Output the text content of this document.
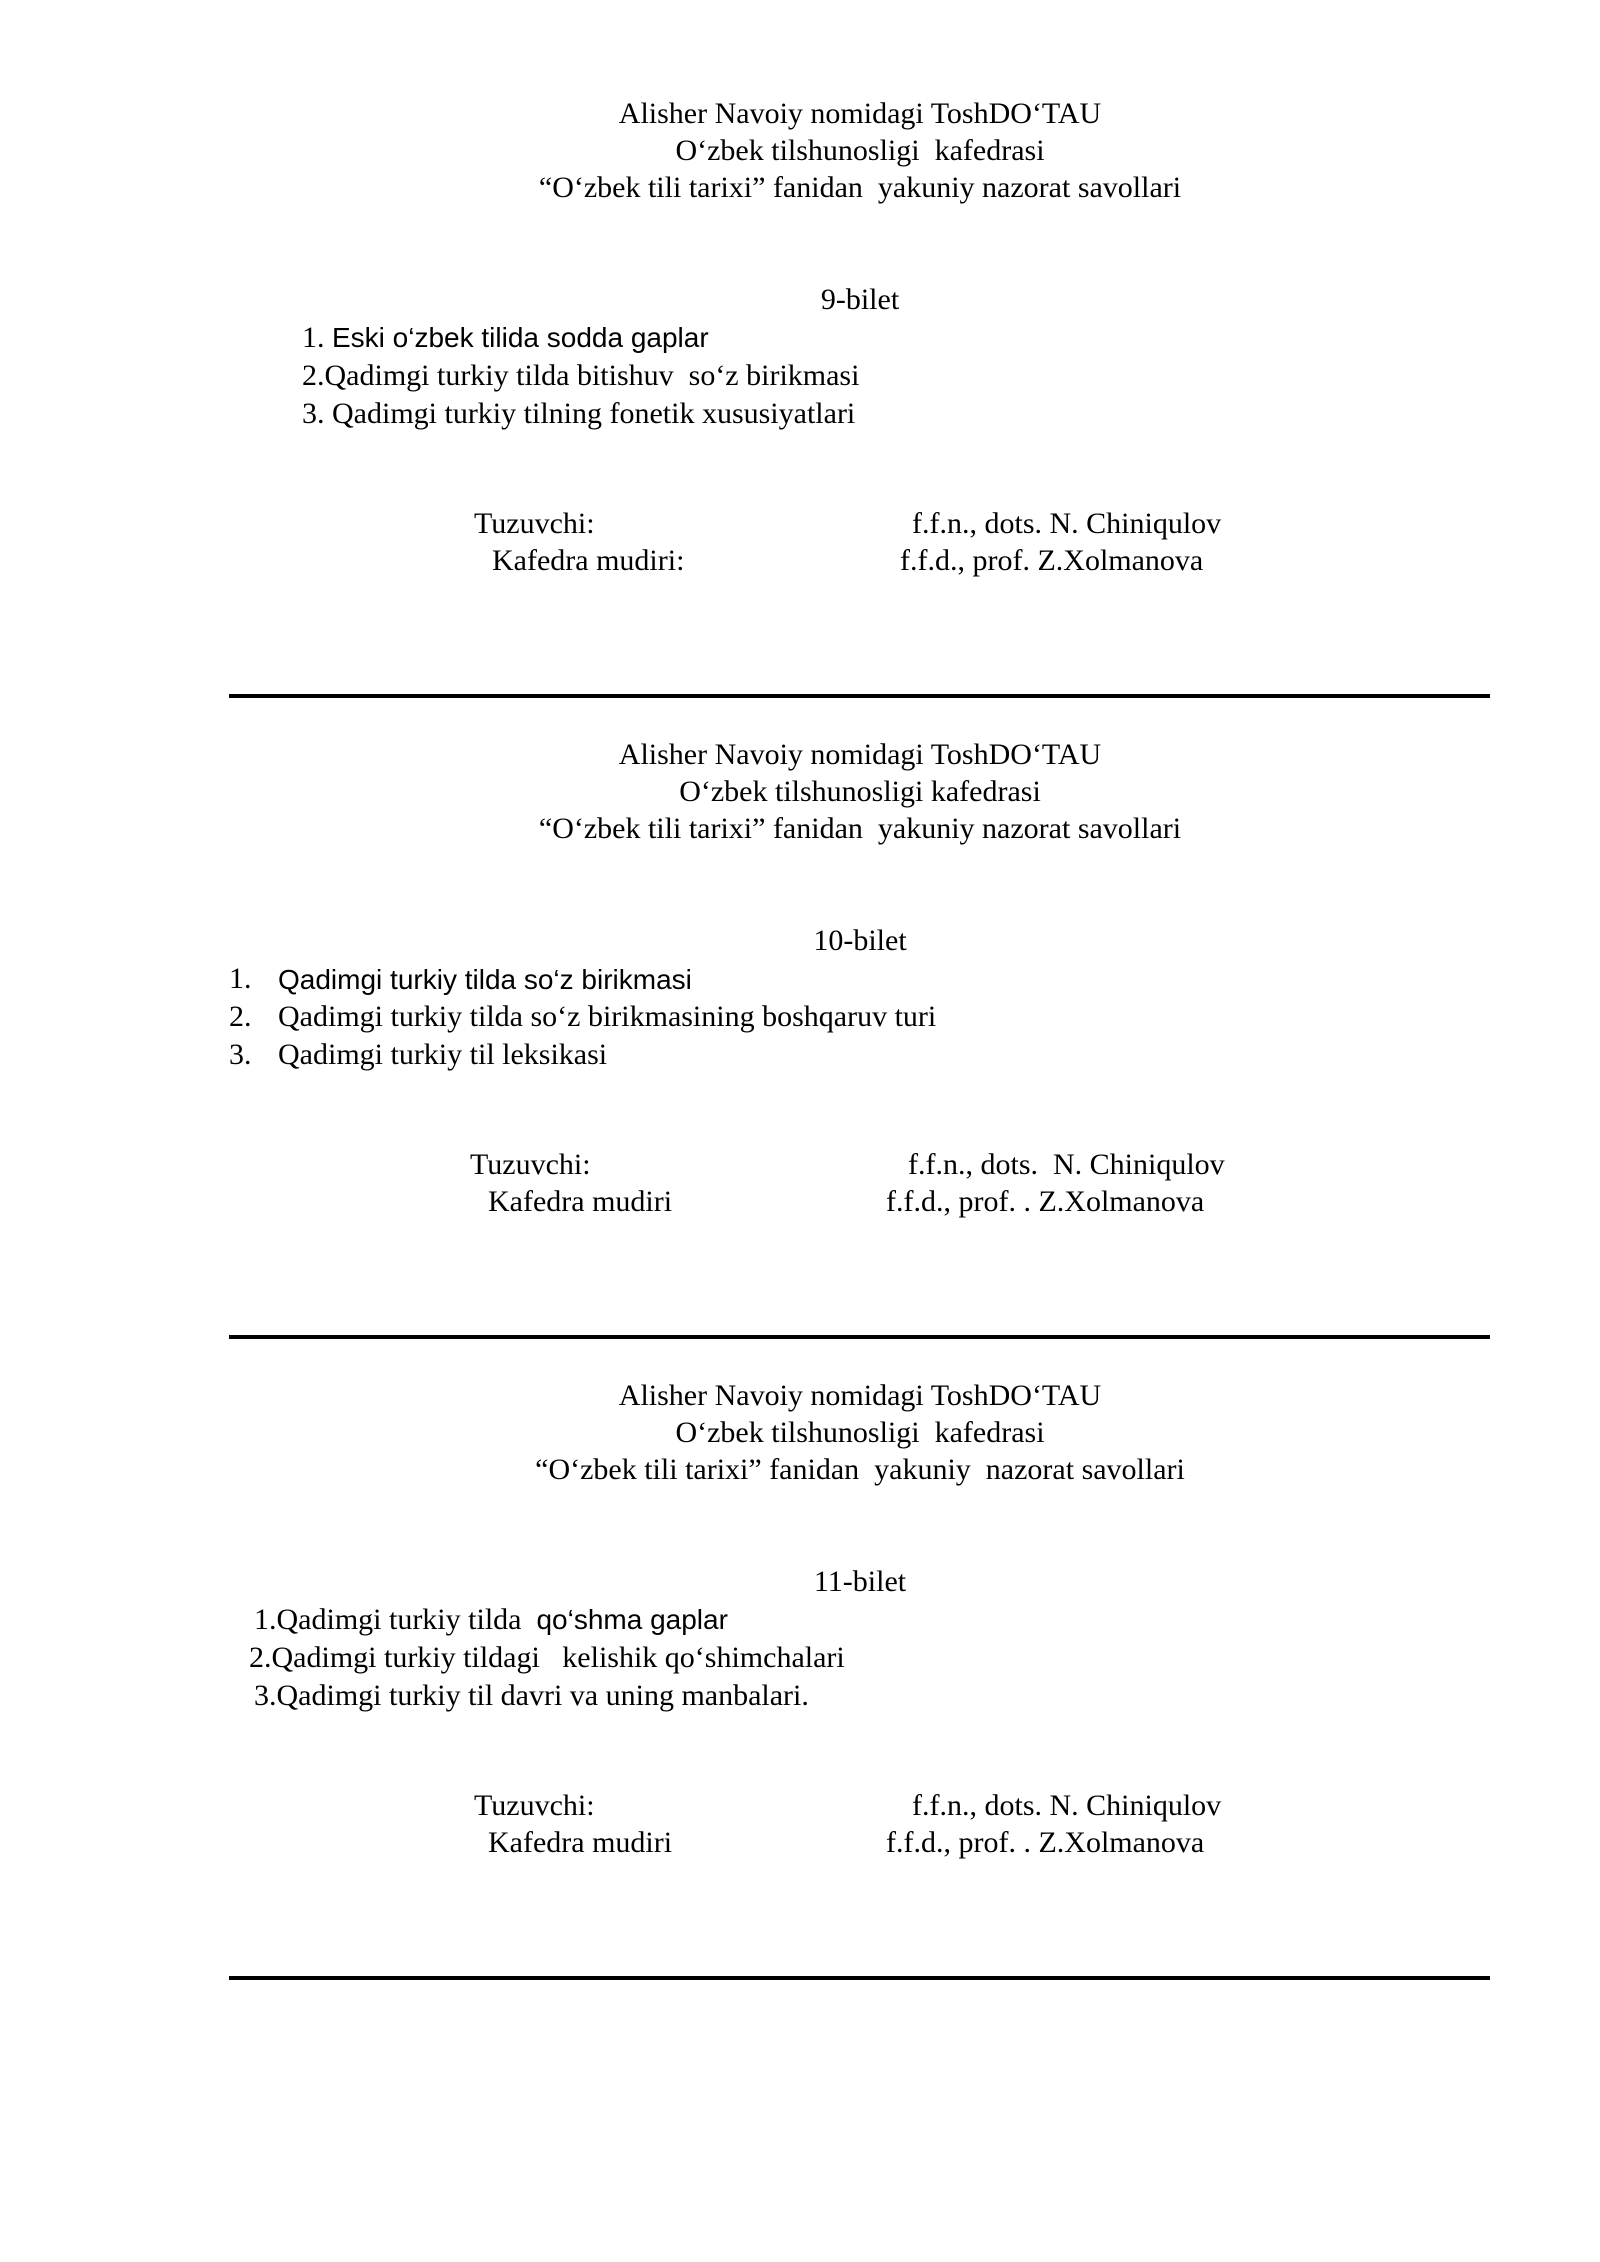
Alisher Navoiy nomidagi ToshDO‘TAU
O‘zbek tilshunosligi  kafedrasi
“O‘zbek tili tarixi” fanidan  yakuniy nazorat savollari
9-bilet
1. Eski o‘zbek tilida sodda gaplar
2.Qadimgi turkiy tilda bitishuv  so‘z birikmasi
3. Qadimgi turkiy tilning fonetik xususiyatlari
Tuzuvchi:	f.f.n., dots. N. Chiniqulov
Kafedra mudiri:	f.f.d., prof. Z.Xolmanova
Alisher Navoiy nomidagi ToshDO‘TAU
O‘zbek tilshunosligi kafedrasi
“O‘zbek tili tarixi” fanidan  yakuniy nazorat savollari
10-bilet
1. Qadimgi turkiy tilda so‘z birikmasi
2. Qadimgi turkiy tilda so‘z birikmasining boshqaruv turi
3. Qadimgi turkiy til leksikasi
Tuzuvchi:	f.f.n., dots.  N. Chiniqulov
Kafedra mudiri	f.f.d., prof. . Z.Xolmanova
Alisher Navoiy nomidagi ToshDO‘TAU
O‘zbek tilshunosligi  kafedrasi
“O‘zbek tili tarixi” fanidan  yakuniy  nazorat savollari
11-bilet
1.Qadimgi turkiy tilda  qo‘shma gaplar
2.Qadimgi turkiy tildagi   kelishik qo‘shimchalari
3.Qadimgi turkiy til davri va uning manbalari.
Tuzuvchi:	f.f.n., dots. N. Chiniqulov
Kafedra mudiri	f.f.d., prof. . Z.Xolmanova
